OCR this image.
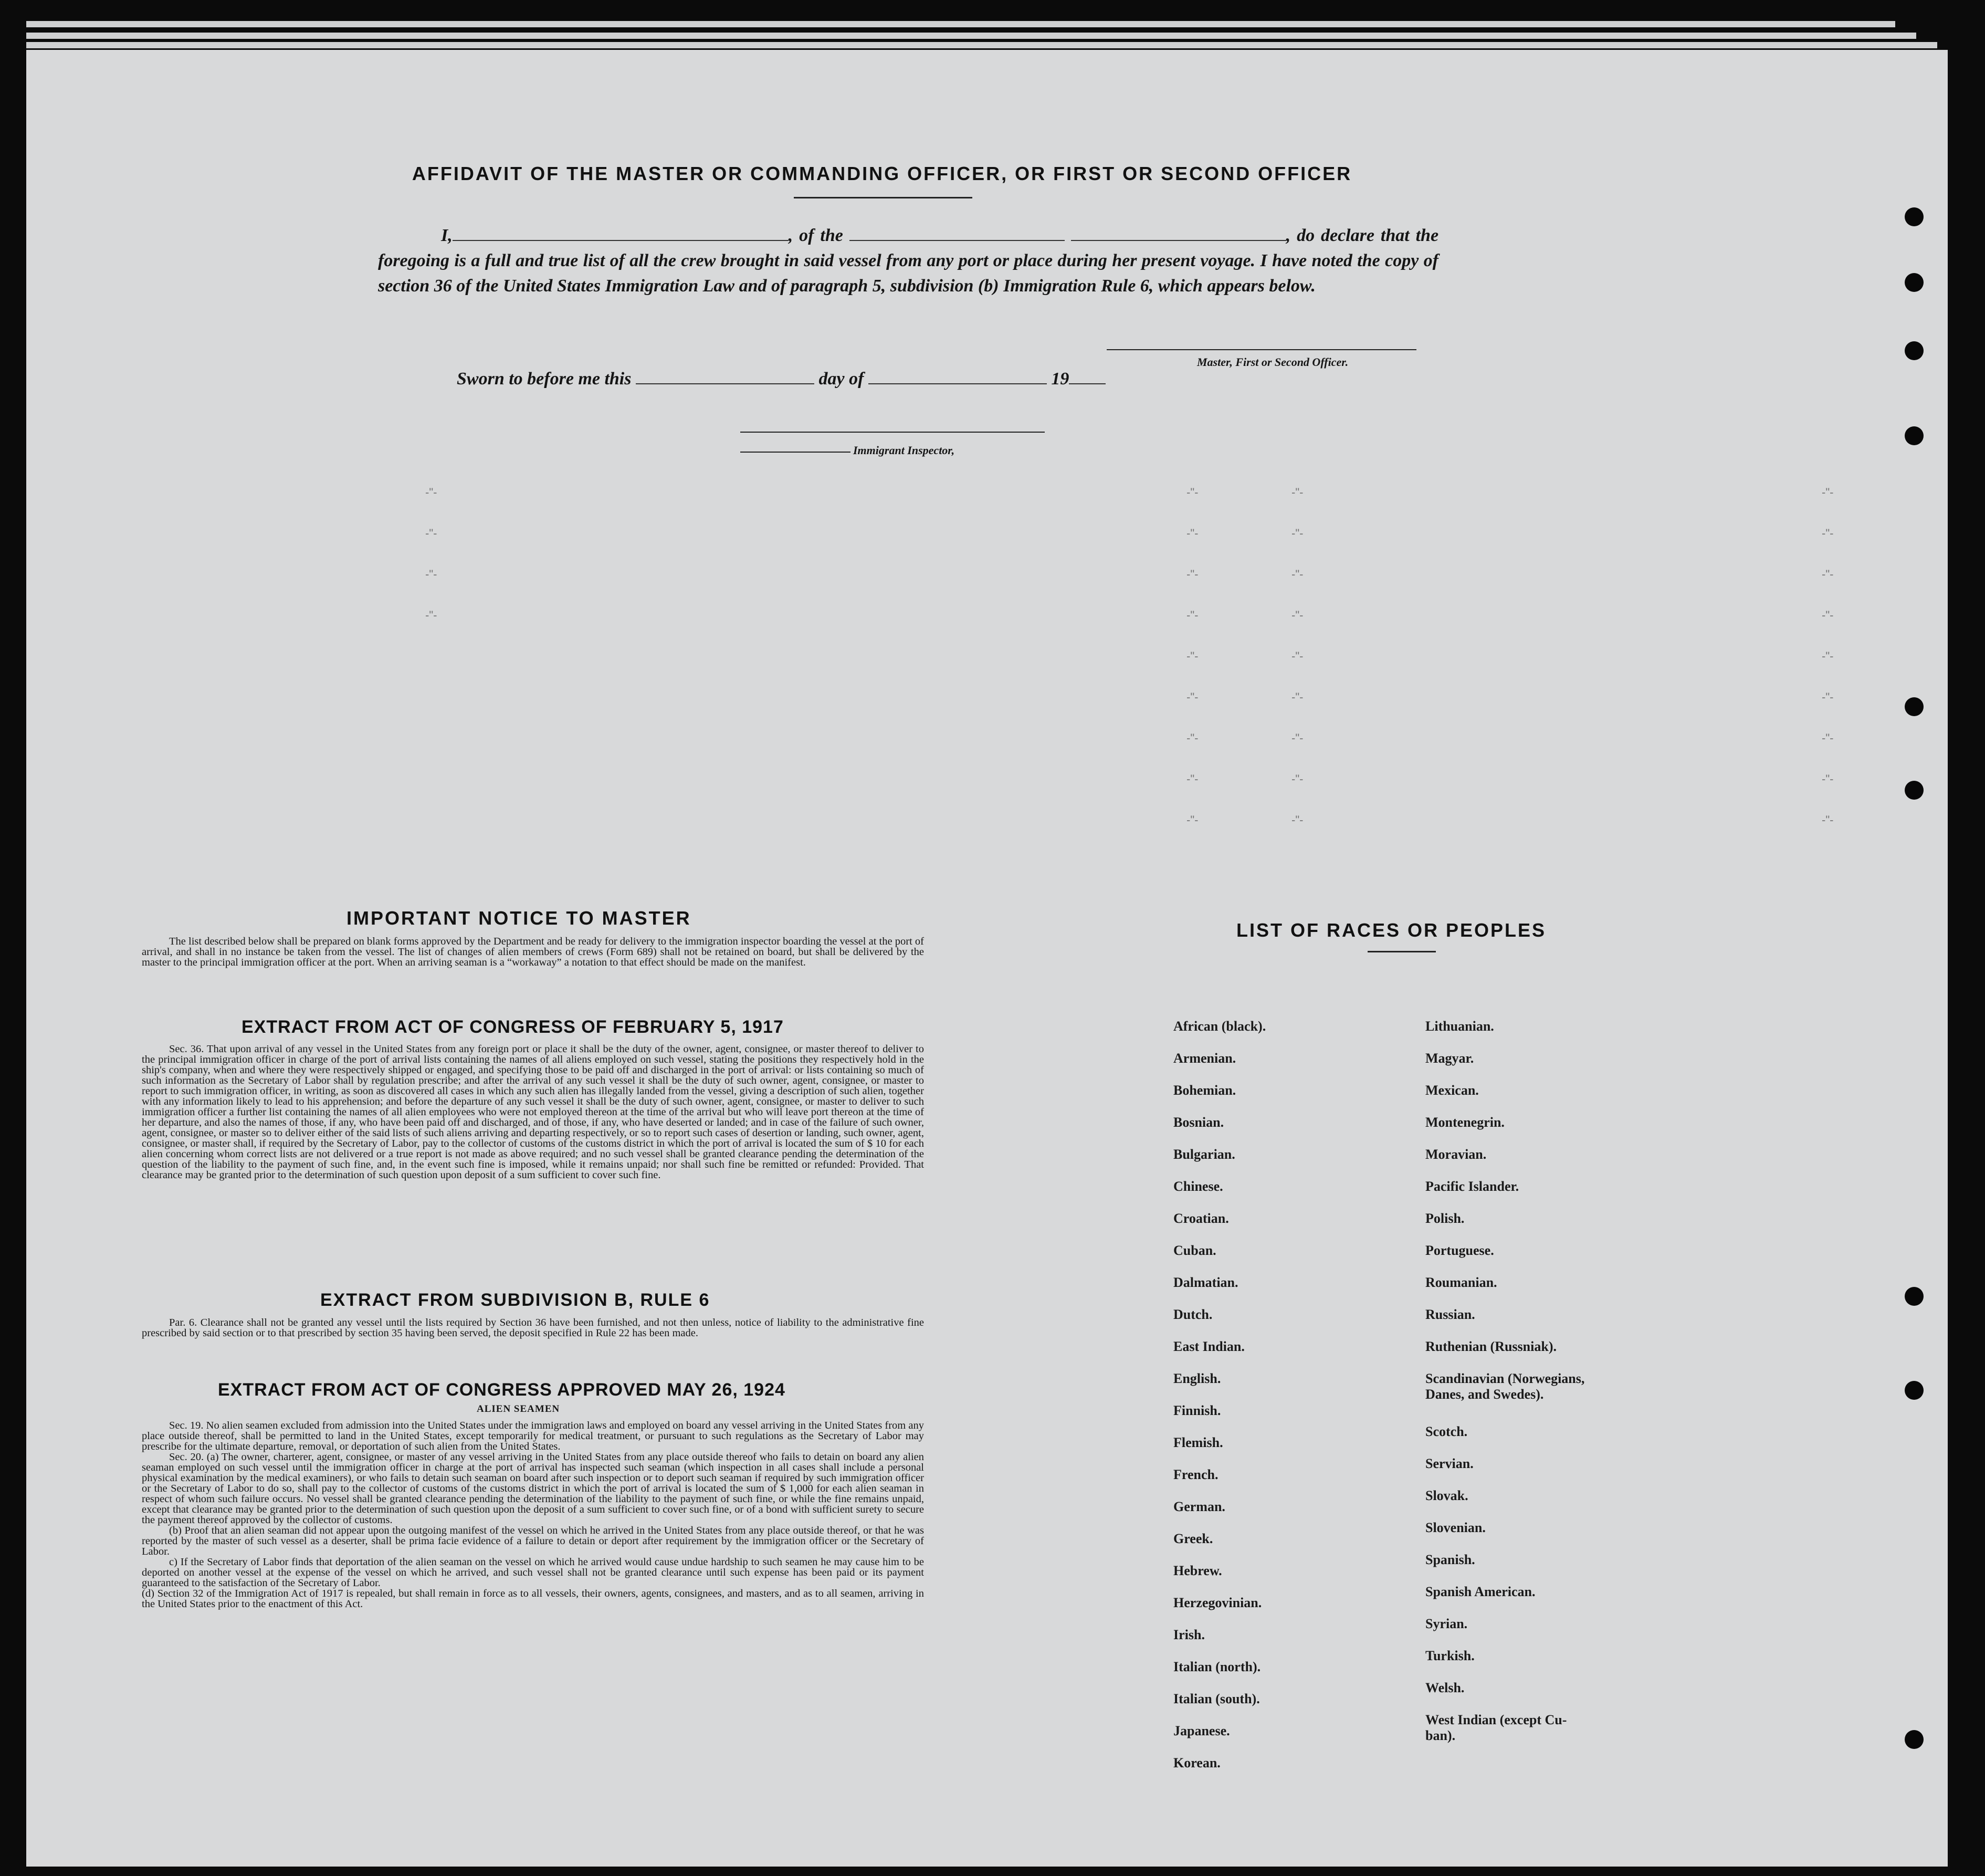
AFFIDAVIT OF THE MASTER OR COMMANDING OFFICER, OR FIRST OR SECOND OFFICER
I,	, of the	, do declare that the foregoing is a full and true list of all the crew brought in said vessel from any port or place during her present voyage. I have noted the copy of section 36 of the United States Immigration Law and of paragraph 5, subdivision (b) Immigration Rule 6, which appears below.
Master, First or Second Officer.
Sworn to before me this	day of	19
Immigrant Inspector,
-"-	-"-	-"-	-"-
-"-	-"-	-"-	-"-
-"-	-"-	-"-	-"-
-"-	-"-	-"-	-"-
-"-	-"-	-"-
-"-	-"-	-"-
-"-	-"-	-"-
-"-	-"-	-"-
-"-	-"-	-"-
IMPORTANT NOTICE TO MASTER

The list described below shall be prepared on blank forms approved by the Department and be ready for delivery to the immigration inspector boarding the vessel at the port of arrival, and shall in no instance be taken from the vessel. The list of changes of alien members of crews (Form 689) shall not be retained on board, but shall be delivered by the master to the principal immigration officer at the port. When an arriving seaman is a “workaway” a notation to that effect should be made on the manifest.

EXTRACT FROM ACT OF CONGRESS OF FEBRUARY 5, 1917

Sec. 36. That upon arrival of any vessel in the United States from any foreign port or place it shall be the duty of the owner, agent, consignee, or master thereof to deliver to the principal immigration officer in charge of the port of arrival lists containing the names of all aliens employed on such vessel, stating the positions they respectively hold in the ship's company, when and where they were respectively shipped or engaged, and specifying those to be paid off and discharged in the port of arrival: or lists containing so much of such information as the Secretary of Labor shall by regulation prescribe; and after the arrival of any such vessel it shall be the duty of such owner, agent, consignee, or master to report to such immigration officer, in writing, as soon as discovered all cases in which any such alien has illegally landed from the vessel, giving a description of such alien, together with any information likely to lead to his apprehension; and before the departure of any such vessel it shall be the duty of such owner, agent, consignee, or master to deliver to such immigration officer a further list containing the names of all alien employees who were not employed thereon at the time of the arrival but who will leave port thereon at the time of her departure, and also the names of those, if any, who have been paid off and discharged, and of those, if any, who have deserted or landed; and in case of the failure of such owner, agent, consignee, or master so to deliver either of the said lists of such aliens arriving and departing respectively, or so to report such cases of desertion or landing, such owner, agent, consignee, or master shall, if required by the Secretary of Labor, pay to the collector of customs of the customs district in which the port of arrival is located the sum of $ 10 for each alien concerning whom correct lists are not delivered or a true report is not made as above required; and no such vessel shall be granted clearance pending the determination of the question of the liability to the payment of such fine, and, in the event such fine is imposed, while it remains unpaid; nor shall such fine be remitted or refunded: Provided. That clearance may be granted prior to the determination of such question upon deposit of a sum sufficient to cover such fine.

EXTRACT FROM SUBDIVISION B, RULE 6

Par. 6. Clearance shall not be granted any vessel until the lists required by Section 36 have been furnished, and not then unless, notice of liability to the administrative fine prescribed by said section or to that prescribed by section 35 having been served, the deposit specified in Rule 22 has been made.

EXTRACT FROM ACT OF CONGRESS APPROVED MAY 26, 1924
ALIEN SEAMEN

Sec. 19. No alien seamen excluded from admission into the United States under the immigration laws and employed on board any vessel arriving in the United States from any place outside thereof, shall be permitted to land in the United States, except temporarily for medical treatment, or pursuant to such regulations as the Secretary of Labor may prescribe for the ultimate departure, removal, or deportation of such alien from the United States.

Sec. 20. (a) The owner, charterer, agent, consignee, or master of any vessel arriving in the United States from any place outside thereof who fails to detain on board any alien seaman employed on such vessel until the immigration officer in charge at the port of arrival has inspected such seaman (which inspection in all cases shall include a personal physical examination by the medical examiners), or who fails to detain such seaman on board after such inspection or to deport such seaman if required by such immigration officer or the Secretary of Labor to do so, shall pay to the collector of customs of the customs district in which the port of arrival is located the sum of $ 1,000 for each alien seaman in respect of whom such failure occurs. No vessel shall be granted clearance pending the determination of the liability to the payment of such fine, or while the fine remains unpaid, except that clearance may be granted prior to the determination of such question upon the deposit of a sum sufficient to cover such fine, or of a bond with sufficient surety to secure the payment thereof approved by the collector of customs.

(b) Proof that an alien seaman did not appear upon the outgoing manifest of the vessel on which he arrived in the United States from any place outside thereof, or that he was reported by the master of such vessel as a deserter, shall be prima facie evidence of a failure to detain or deport after requirement by the immigration officer or the Secretary of Labor.

c) If the Secretary of Labor finds that deportation of the alien seaman on the vessel on which he arrived would cause undue hardship to such seamen he may cause him to be deported on another vessel at the expense of the vessel on which he arrived, and such vessel shall not be granted clearance until such expense has been paid or its payment guaranteed to the satisfaction of the Secretary of Labor.

(d) Section 32 of the Immigration Act of 1917 is repealed, but shall remain in force as to all vessels, their owners, agents, consignees, and masters, and as to all seamen, arriving in the United States prior to the enactment of this Act.

LIST OF RACES OR PEOPLES
African (black).
Armenian.
Bohemian.
Bosnian.
Bulgarian.
Chinese.
Croatian.
Cuban.
Dalmatian.
Dutch.
East Indian.
English.
Finnish.
Flemish.
French.
German.
Greek.
Hebrew.
Herzegovinian.
Irish.
Italian (north).
Italian (south).
Japanese.
Korean.
Lithuanian.
Magyar.
Mexican.
Montenegrin.
Moravian.
Pacific Islander.
Polish.
Portuguese.
Roumanian.
Russian.
Ruthenian (Russniak).
Scandinavian (Norwegians,
Danes, and Swedes).
Scotch.
Servian.
Slovak.
Slovenian.
Spanish.
Spanish American.
Syrian.
Turkish.
Welsh.
West Indian (except Cu-
ban).
